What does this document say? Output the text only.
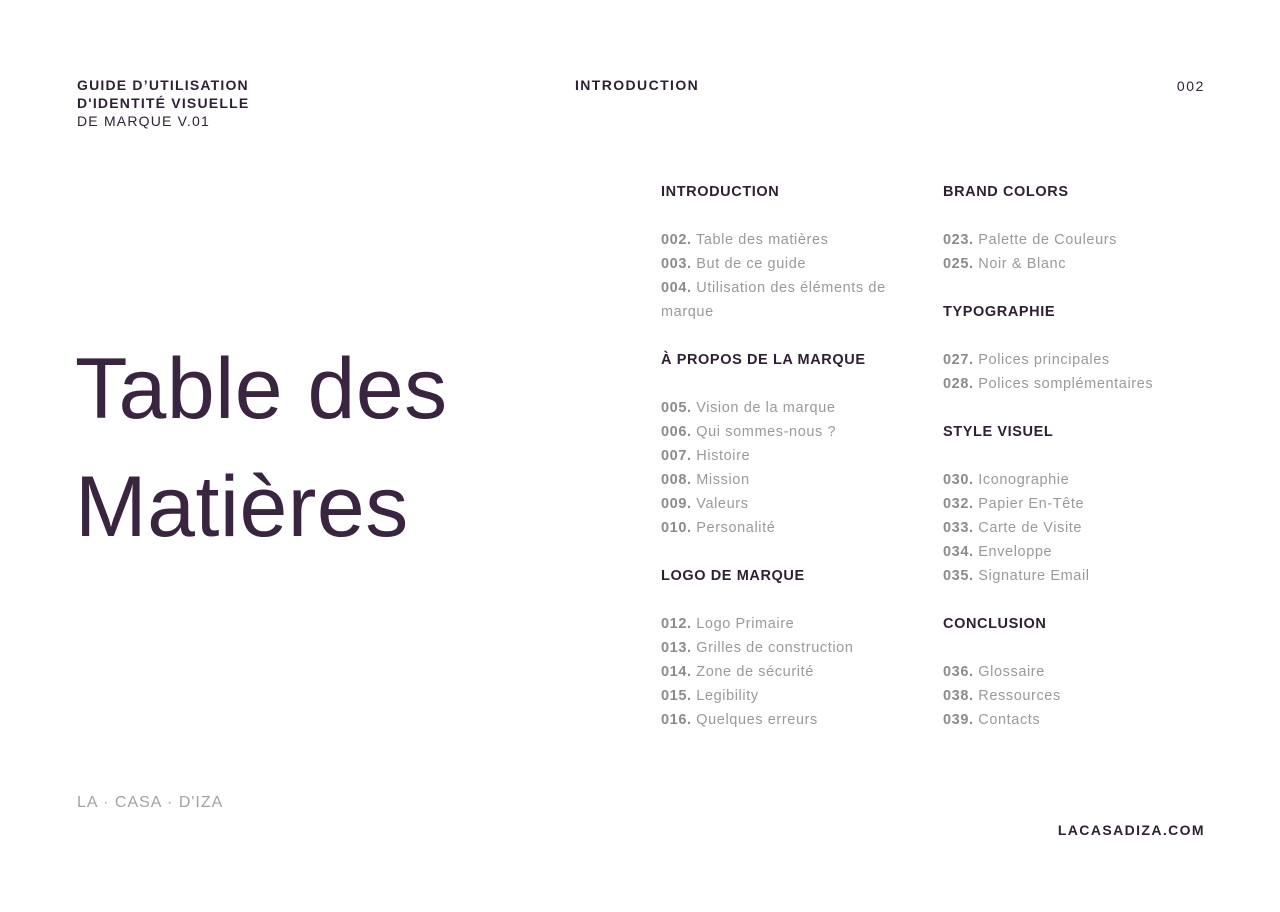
GUIDE D’UTILISATION
D'IDENTITÉ VISUELLE
DE MARQUE V.01
INTRODUCTION	002
Table des
Matières
INTRODUCTION
002. Table des matières
003. But de ce guide
004. Utilisation des éléments de marque
À PROPOS DE LA MARQUE
005. Vision de la marque
006. Qui sommes-nous ?
007. Histoire
008. Mission
009. Valeurs
010. Personalité
LOGO DE MARQUE
012. Logo Primaire
013. Grilles de construction
014. Zone de sécurité
015. Legibility
016. Quelques erreurs
BRAND COLORS
023. Palette de Couleurs
025. Noir & Blanc
TYPOGRAPHIE
027. Polices principales
028. Polices somplémentaires
STYLE VISUEL
030. Iconographie
032. Papier En-Tête
033. Carte de Visite
034. Enveloppe
035. Signature Email
CONCLUSION
036. Glossaire
038. Ressources
039. Contacts
LA · CASA · D'IZA
LACASADIZA.COM
